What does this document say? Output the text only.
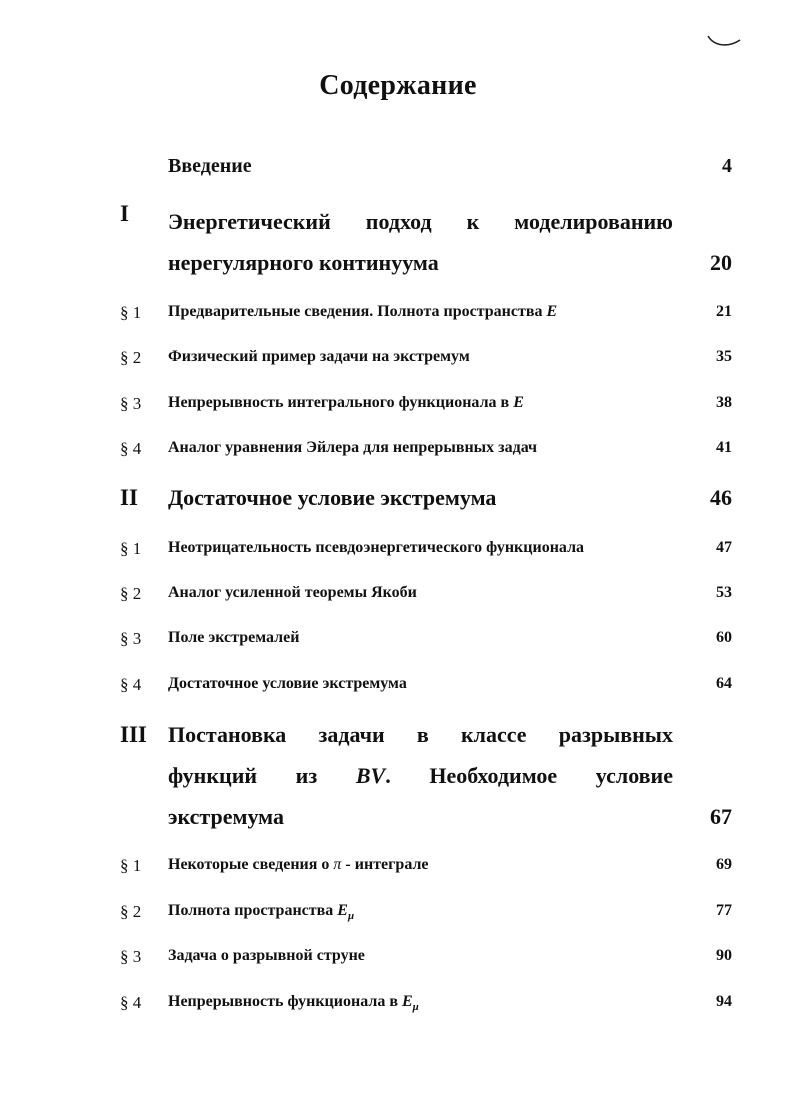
Содержание
Введение	4
I Энергетический подход к моделированию
нерегулярного континуума	20
§ 1 Предварительные сведения. Полнота пространства E	21
§ 2 Физический пример задачи на экстремум	35
§ 3 Непрерывность интегрального функционала в E	38
§ 4 Аналог уравнения Эйлера для непрерывных задач	41
II Достаточное условие экстремума	46
§ 1 Неотрицательность псевдоэнергетического функционала	47
§ 2 Аналог усиленной теоремы Якоби	53
§ 3 Поле экстремалей	60
§ 4 Достаточное условие экстремума	64
III Постановка задачи в классе разрывных
функций из BV. Необходимое условие
экстремума	67
§ 1 Некоторые сведения о π - интеграле	69
§ 2 Полнота пространства $E_\mu$	77
§ 3 Задача о разрывной струне	90
§ 4 Непрерывность функционала в $E_\mu$	94
